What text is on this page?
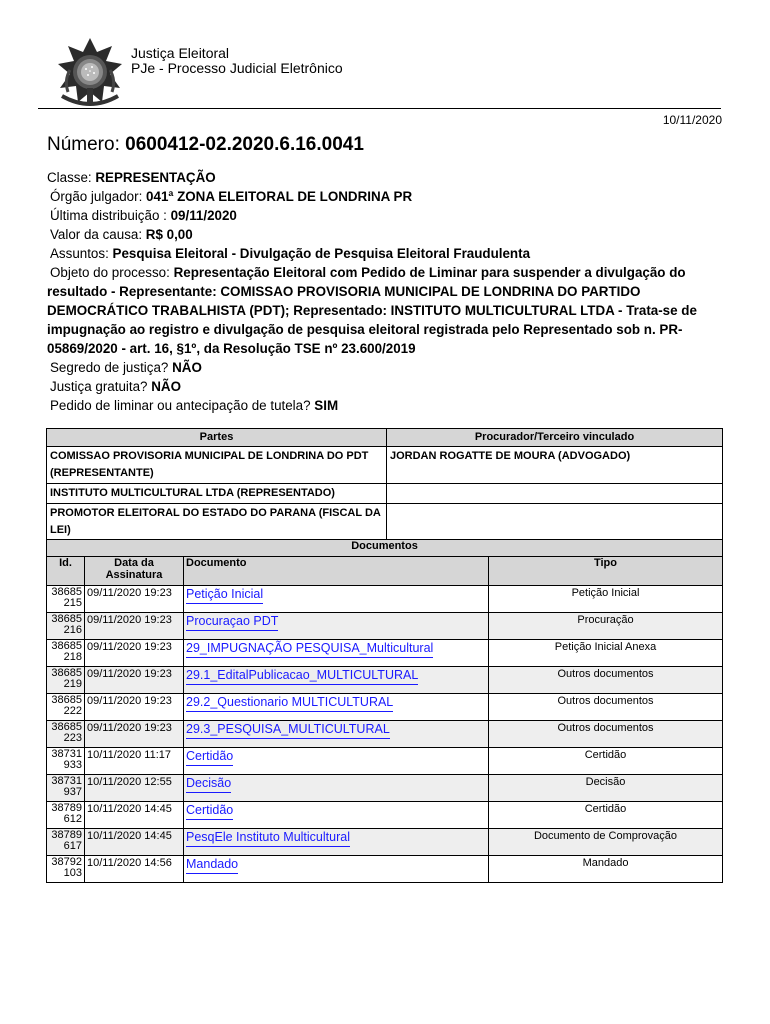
Justiça Eleitoral
PJe - Processo Judicial Eletrônico
10/11/2020
Número: 0600412-02.2020.6.16.0041

Classe: REPRESENTAÇÃO

Órgão julgador: 041ª ZONA ELEITORAL DE LONDRINA PR

Última distribuição : 09/11/2020

Valor da causa: R$ 0,00

Assuntos: Pesquisa Eleitoral - Divulgação de Pesquisa Eleitoral Fraudulenta

Objeto do processo: Representação Eleitoral com Pedido de Liminar para suspender a divulgação do resultado - Representante: COMISSAO PROVISORIA MUNICIPAL DE LONDRINA DO PARTIDO DEMOCRÁTICO TRABALHISTA (PDT); Representado: INSTITUTO MULTICULTURAL LTDA - Trata-se de impugnação ao registro e divulgação de pesquisa eleitoral registrada pelo Representado sob n. PR-05869/2020 - art. 16, §1º, da Resolução TSE nº 23.600/2019

Segredo de justiça? NÃO

Justiça gratuita? NÃO

Pedido de liminar ou antecipação de tutela? SIM

Partes	Procurador/Terceiro vinculado
COMISSAO PROVISORIA MUNICIPAL DE LONDRINA DO PDT (REPRESENTANTE)	JORDAN ROGATTE DE MOURA (ADVOGADO)
INSTITUTO MULTICULTURAL LTDA (REPRESENTADO)	
PROMOTOR ELEITORAL DO ESTADO DO PARANA (FISCAL DA LEI)	
Documentos			
Id.	Data da Assinatura	Documento	Tipo
38685 215	09/11/2020 19:23	Petição Inicial	Petição Inicial
38685 216	09/11/2020 19:23	Procuraçao PDT	Procuração
38685 218	09/11/2020 19:23	29_IMPUGNAÇÃO PESQUISA_Multicultural	Petição Inicial Anexa
38685 219	09/11/2020 19:23	29.1_EditalPublicacao_MULTICULTURAL	Outros documentos
38685 222	09/11/2020 19:23	29.2_Questionario MULTICULTURAL	Outros documentos
38685 223	09/11/2020 19:23	29.3_PESQUISA_MULTICULTURAL	Outros documentos
38731 933	10/11/2020 11:17	Certidão	Certidão
38731 937	10/11/2020 12:55	Decisão	Decisão
38789 612	10/11/2020 14:45	Certidão	Certidão
38789 617	10/11/2020 14:45	PesqEle Instituto Multicultural	Documento de Comprovação
38792 103	10/11/2020 14:56	Mandado	Mandado
